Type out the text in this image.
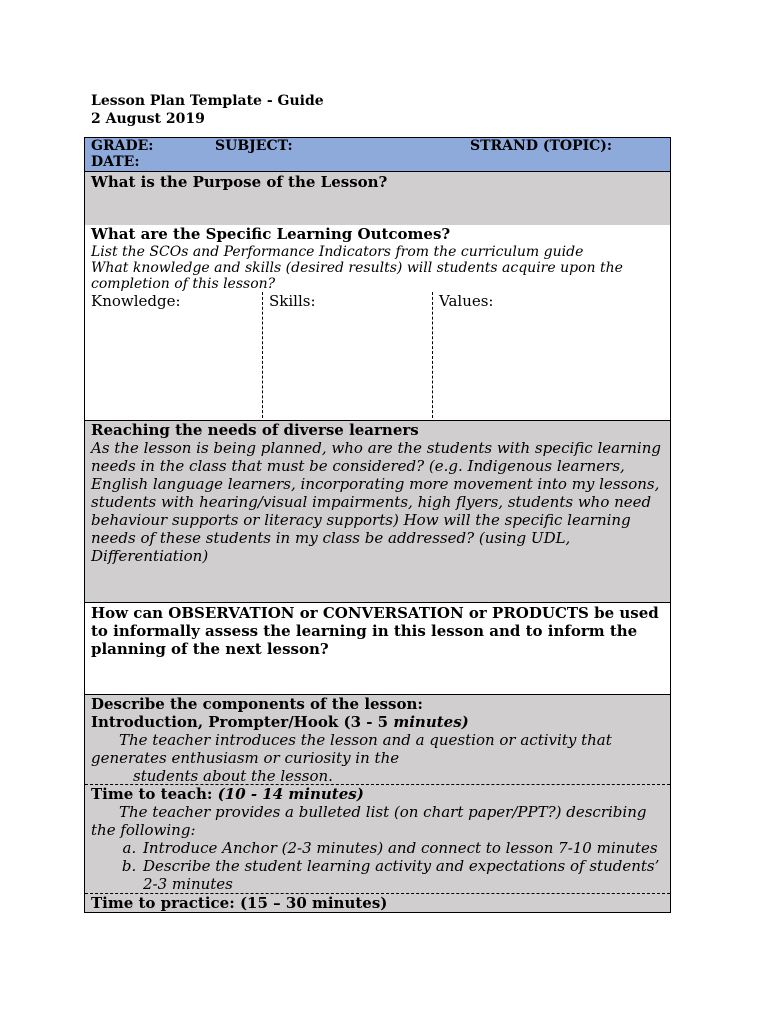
Lesson Plan Template - Guide
2 August 2019
GRADE:	SUBJECT:	STRAND (TOPIC):
DATE:
What is the Purpose of the Lesson?
What are the Specific Learning Outcomes?
List the SCOs and Performance Indicators from the curriculum guide
What knowledge and skills (desired results) will students acquire upon the completion of this lesson?
Knowledge:	Skills:	Values:
Reaching the needs of diverse learners
As the lesson is being planned, who are the students with specific learning needs in the class that must be considered? (e.g. Indigenous learners, English language learners, incorporating more movement into my lessons, students with hearing/visual impairments, high flyers, students who need behaviour supports or literacy supports) How will the specific learning needs of these students in my class be addressed? (using UDL, Differentiation)
How can OBSERVATION or CONVERSATION or PRODUCTS be used to informally assess the learning in this lesson and to inform the planning of the next lesson?
Describe the components of the lesson:
Introduction, Prompter/Hook (3 - 5 minutes)
The teacher introduces the lesson and a question or activity that generates enthusiasm or curiosity in the
students about the lesson.
Time to teach: (10 - 14 minutes)
The teacher provides a bulleted list (on chart paper/PPT?) describing the following:
a. Introduce Anchor (2-3 minutes) and connect to lesson 7-10 minutes
b. Describe the student learning activity and expectations of students’ 2-3 minutes
Time to practice: (15 – 30 minutes)
